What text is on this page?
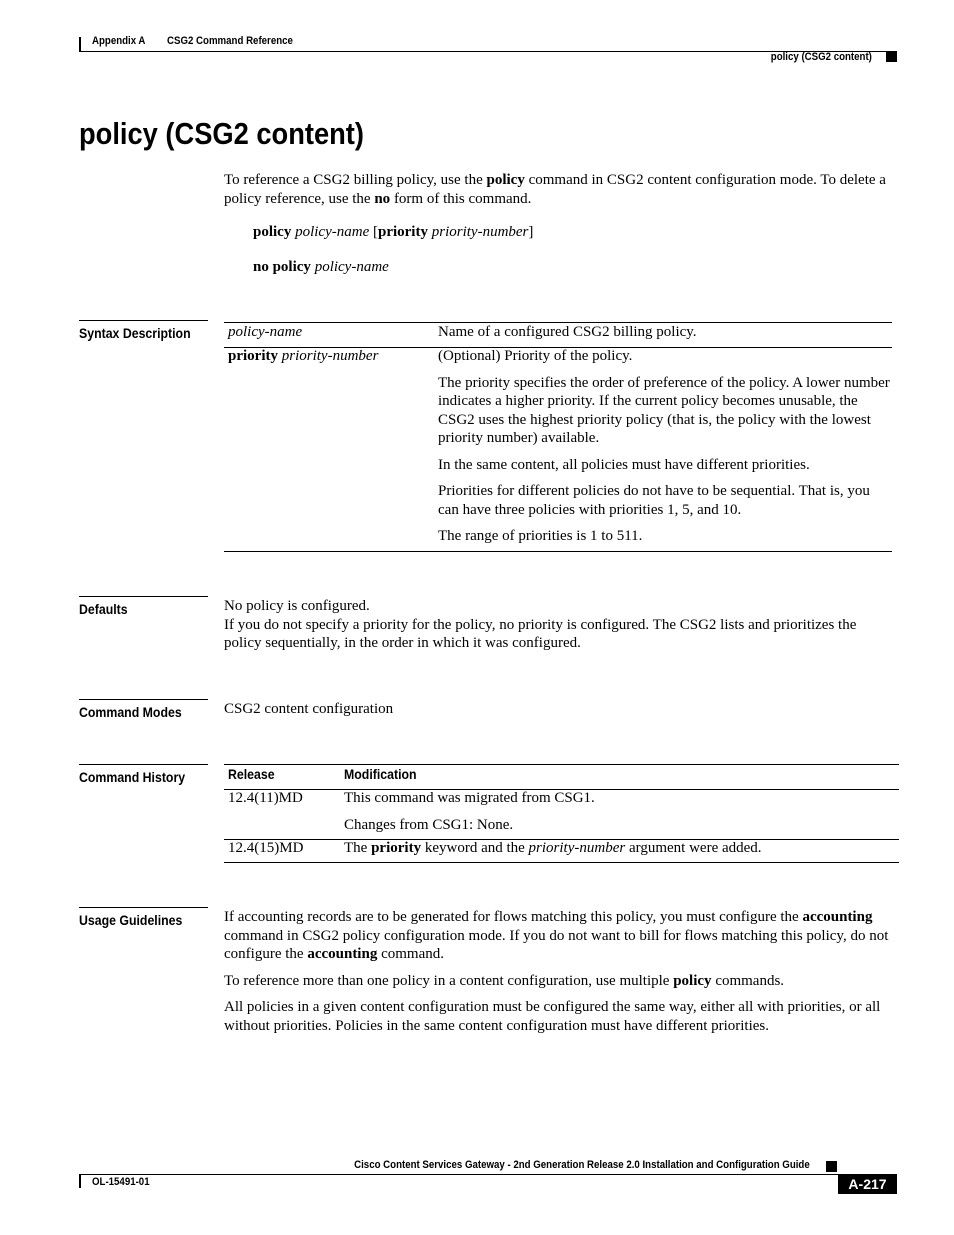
Appendix A CSG2 Command Reference
policy (CSG2 content)
policy (CSG2 content)

To reference a CSG2 billing policy, use the policy command in CSG2 content configuration mode. To delete a policy reference, use the no form of this command.

policy policy-name [priority priority-number]

no policy policy-name

Syntax Description	policy-name	Name of a configured CSG2 billing policy.
priority priority-number	(Optional) Priority of the policy.

The priority specifies the order of preference of the policy. A lower number indicates a higher priority. If the current policy becomes unusable, the CSG2 uses the highest priority policy (that is, the policy with the lowest priority number) available.

In the same content, all policies must have different priorities.

Priorities for different policies do not have to be sequential. That is, you can have three policies with priorities 1, 5, and 10.

The range of priorities is 1 to 511.

Defaults	No policy is configured.

If you do not specify a priority for the policy, no priority is configured. The CSG2 lists and prioritizes the policy sequentially, in the order in which it was configured.

Command Modes	CSG2 content configuration
Command History	Release	Modification
12.4(11)MD	This command was migrated from CSG1.

Changes from CSG1: None.

12.4(15)MD	The priority keyword and the priority-number argument were added.
Usage Guidelines	If accounting records are to be generated for flows matching this policy, you must configure the accounting command in CSG2 policy configuration mode. If you do not want to bill for flows matching this policy, do not configure the accounting command.

To reference more than one policy in a content configuration, use multiple policy commands.

All policies in a given content configuration must be configured the same way, either all with priorities, or all without priorities. Policies in the same content configuration must have different priorities.

Cisco Content Services Gateway - 2nd Generation Release 2.0 Installation and Configuration Guide
OL-15491-01	A-217
